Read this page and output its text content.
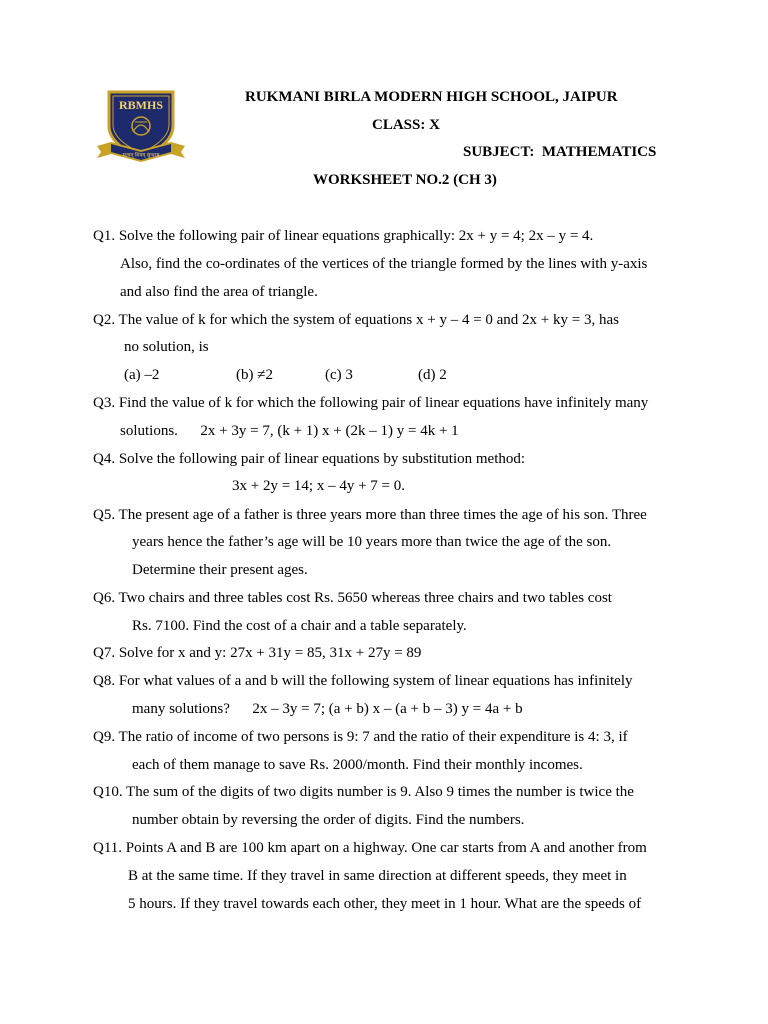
RBMHS
सत्यम् शिवम् सुन्दरम्
RUKMANI BIRLA MODERN HIGH SCHOOL, JAIPUR
CLASS: X
SUBJECT:  MATHEMATICS
WORKSHEET NO.2 (CH 3)
Q1. Solve the following pair of linear equations graphically: 2x + y = 4; 2x – y = 4.
Also, find the co-ordinates of the vertices of the triangle formed by the lines with y-axis
and also find the area of triangle.
Q2. The value of k for which the system of equations x + y – 4 = 0 and 2x + ky = 3, has
no solution, is
(a) –2	(b) ≠2	(c) 3	(d) 2
Q3. Find the value of k for which the following pair of linear equations have infinitely many
solutions.      2x + 3y = 7, (k + 1) x + (2k – 1) y = 4k + 1
Q4. Solve the following pair of linear equations by substitution method:
3x + 2y = 14; x – 4y + 7 = 0.
Q5. The present age of a father is three years more than three times the age of his son. Three
years hence the father’s age will be 10 years more than twice the age of the son.
Determine their present ages.
Q6. Two chairs and three tables cost Rs. 5650 whereas three chairs and two tables cost
Rs. 7100. Find the cost of a chair and a table separately.
Q7. Solve for x and y: 27x + 31y = 85, 31x + 27y = 89
Q8. For what values of a and b will the following system of linear equations has infinitely
many solutions?      2x – 3y = 7; (a + b) x – (a + b – 3) y = 4a + b
Q9. The ratio of income of two persons is 9: 7 and the ratio of their expenditure is 4: 3, if
each of them manage to save Rs. 2000/month. Find their monthly incomes.
Q10. The sum of the digits of two digits number is 9. Also 9 times the number is twice the
number obtain by reversing the order of digits. Find the numbers.
Q11. Points A and B are 100 km apart on a highway. One car starts from A and another from
B at the same time. If they travel in same direction at different speeds, they meet in
5 hours. If they travel towards each other, they meet in 1 hour. What are the speeds of
